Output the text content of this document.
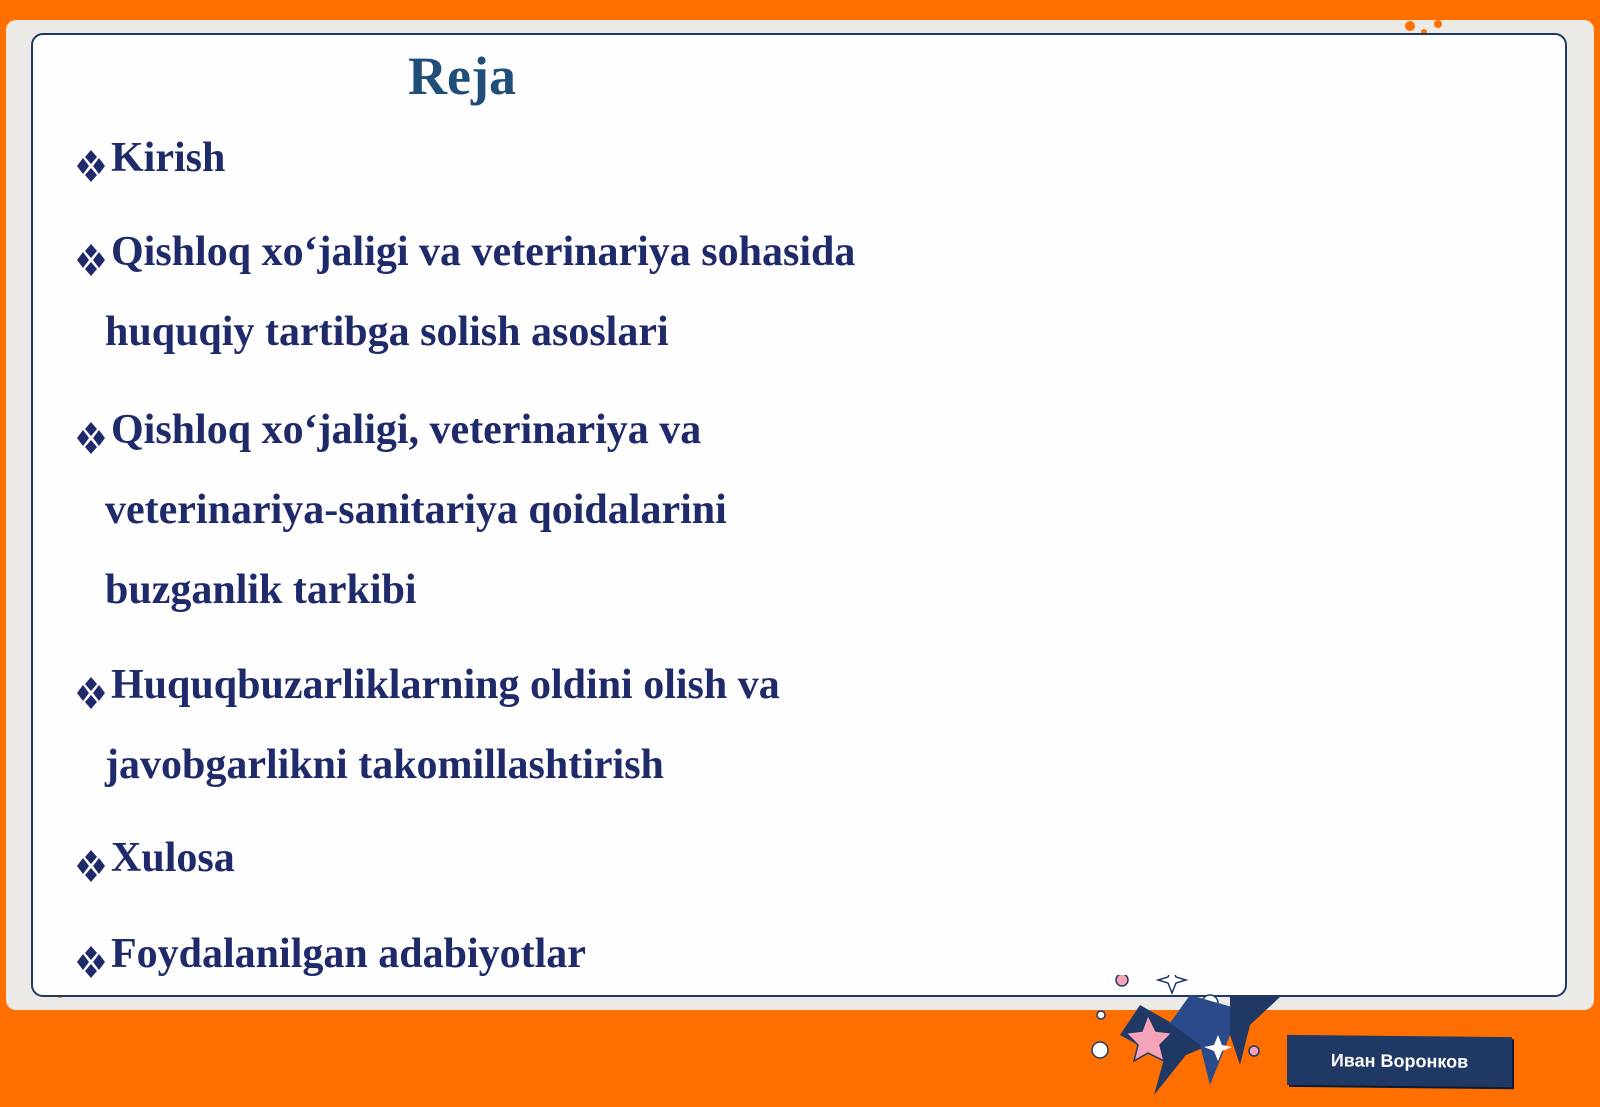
Reja
Kirish
Qishloq xo‘jaligi va veterinariya sohasida
huquqiy tartibga solish asoslari
Qishloq xo‘jaligi, veterinariya va
veterinariya-sanitariya qoidalarini
buzganlik tarkibi
Huquqbuzarliklarning oldini olish va
javobgarlikni takomillashtirish
Xulosa
Foydalanilgan adabiyotlar
Иван Воронков
